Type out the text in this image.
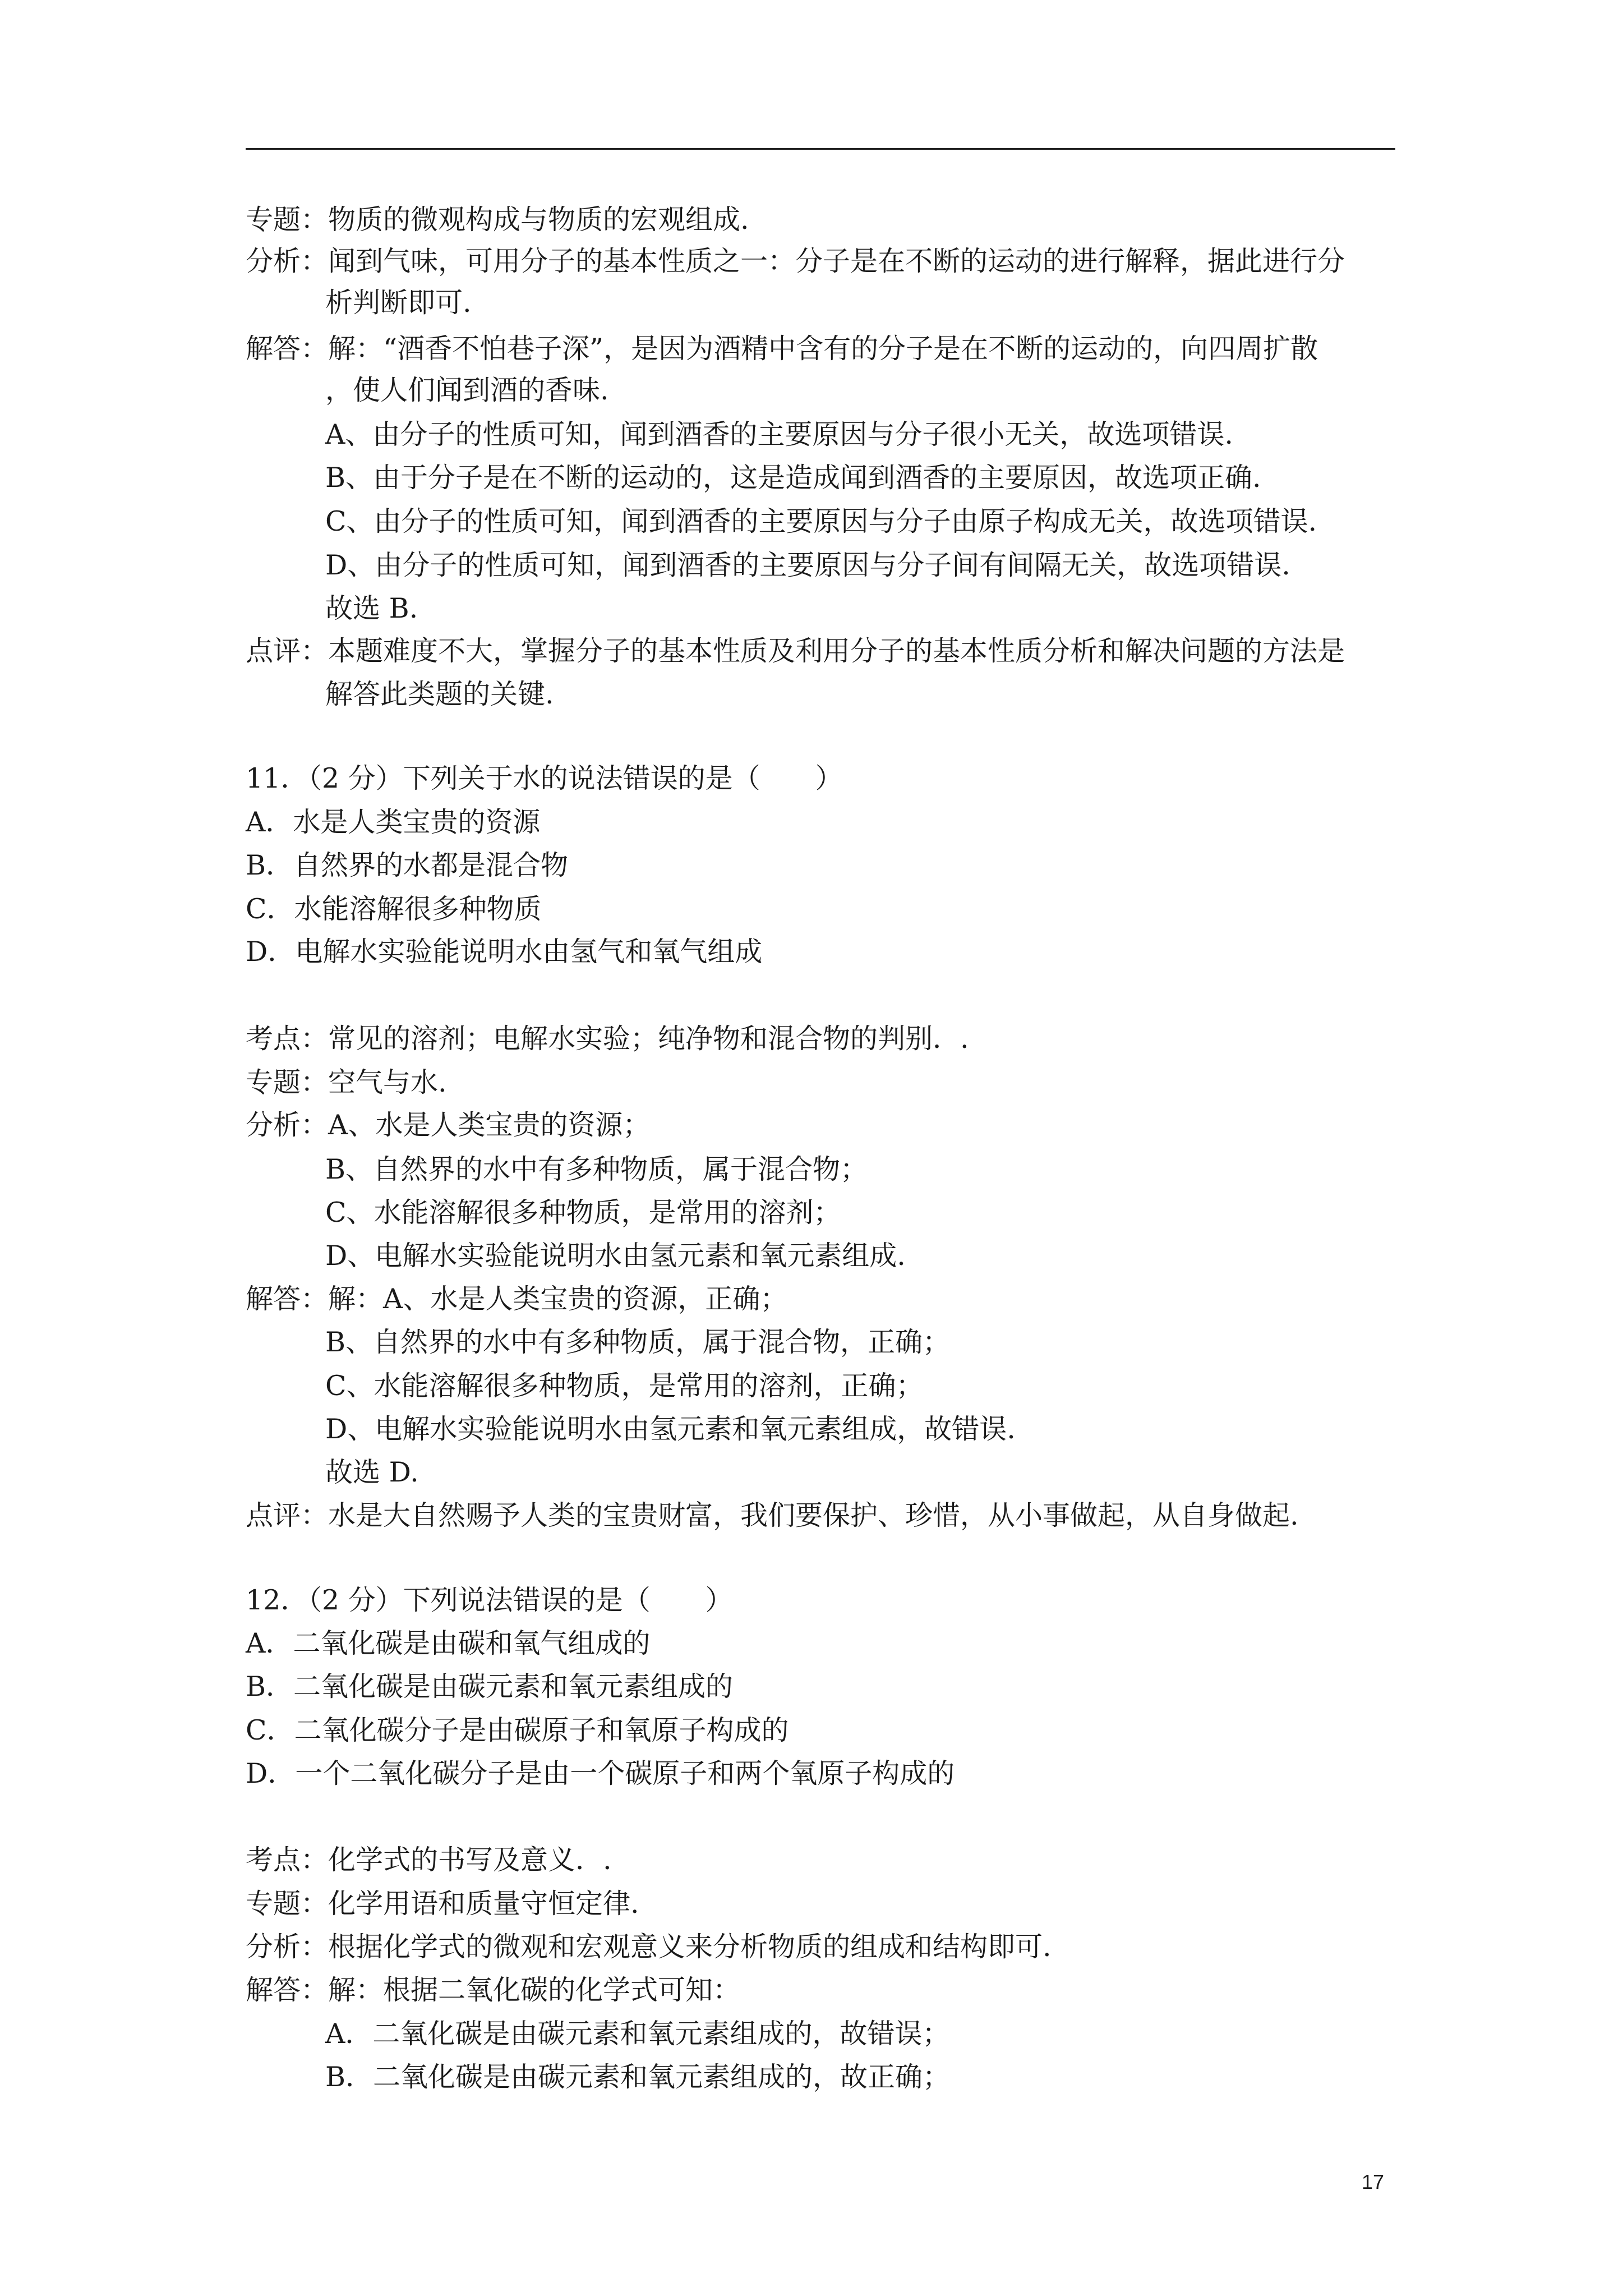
专题：物质的微观构成与物质的宏观组成.
分析：闻到气味，可用分子的基本性质之一：分子是在不断的运动的进行解释，据此进行分
析判断即可.
解答：解：“酒香不怕巷子深”，是因为酒精中含有的分子是在不断的运动的，向四周扩散
，使人们闻到酒的香味.
A、由分子的性质可知，闻到酒香的主要原因与分子很小无关，故选项错误.
B、由于分子是在不断的运动的，这是造成闻到酒香的主要原因，故选项正确.
C、由分子的性质可知，闻到酒香的主要原因与分子由原子构成无关，故选项错误.
D、由分子的性质可知，闻到酒香的主要原因与分子间有间隔无关，故选项错误.
故选 B.
点评：本题难度不大，掌握分子的基本性质及利用分子的基本性质分析和解决问题的方法是
解答此类题的关键.
11．（2 分）下列关于水的说法错误的是（　　）
A．水是人类宝贵的资源
B．自然界的水都是混合物
C．水能溶解很多种物质
D．电解水实验能说明水由氢气和氧气组成
考点：常见的溶剂；电解水实验；纯净物和混合物的判别．.
专题：空气与水.
分析：A、水是人类宝贵的资源；
B、自然界的水中有多种物质，属于混合物；
C、水能溶解很多种物质，是常用的溶剂；
D、电解水实验能说明水由氢元素和氧元素组成.
解答：解：A、水是人类宝贵的资源，正确；
B、自然界的水中有多种物质，属于混合物，正确；
C、水能溶解很多种物质，是常用的溶剂，正确；
D、电解水实验能说明水由氢元素和氧元素组成，故错误.
故选 D.
点评：水是大自然赐予人类的宝贵财富，我们要保护、珍惜，从小事做起，从自身做起.
12．（2 分）下列说法错误的是（　　）
A．二氧化碳是由碳和氧气组成的
B．二氧化碳是由碳元素和氧元素组成的
C．二氧化碳分子是由碳原子和氧原子构成的
D．一个二氧化碳分子是由一个碳原子和两个氧原子构成的
考点：化学式的书写及意义．.
专题：化学用语和质量守恒定律.
分析：根据化学式的微观和宏观意义来分析物质的组成和结构即可.
解答：解：根据二氧化碳的化学式可知：
A．二氧化碳是由碳元素和氧元素组成的，故错误；
B．二氧化碳是由碳元素和氧元素组成的，故正确；
17
